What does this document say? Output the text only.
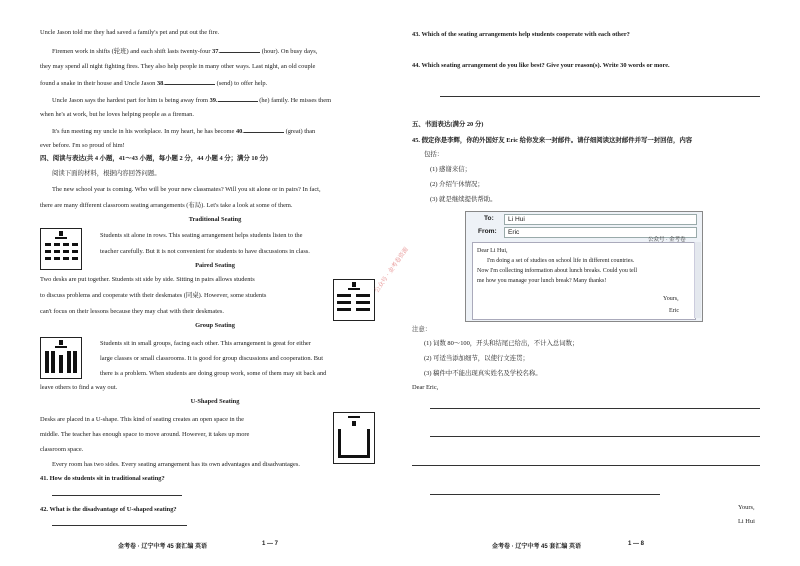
Uncle Jason told me they had saved a family's pet and put out the fire.
Firemen work in shifts (轮班) and each shift lasts twenty-four 37.	(hour). On busy days,
they may spend all night fighting fires. They also help people in many other ways. Last night, an old couple
found a snake in their house and Uncle Jason 38.	(send) to offer help.
Uncle Jason says the hardest part for him is being away from 39.	(he) family. He misses them
when he's at work, but he loves helping people as a fireman.
It's fun meeting my uncle in his workplace. In my heart, he has become 40.	(great) than
ever before. I'm so proud of him!
四、阅读与表达(共 4 小题，41～43 小题，每小题 2 分，44 小题 4 分；满分 10 分)
阅读下面的材料，根据内容回答问题。
The new school year is coming. Who will be your new classmates? Will you sit alone or in pairs? In fact,
there are many different classroom seating arrangements (布局). Let's take a look at some of them.
Traditional Seating
Students sit alone in rows. This seating arrangement helps students listen to the
teacher carefully. But it is not convenient for students to have discussions in class.
Paired Seating
Two desks are put together. Students sit side by side. Sitting in pairs allows students
to discuss problems and cooperate with their deskmates (同桌). However, some students
can't focus on their lessons because they may chat with their deskmates.
Group Seating
Students sit in small groups, facing each other. This arrangement is great for either
large classes or small classrooms. It is good for group discussions and cooperation. But
there is a problem. When students are doing group work, some of them may sit back and
leave others to find a way out.
U-Shaped Seating
Desks are placed in a U-shape. This kind of seating creates an open space in the
middle. The teacher has enough space to move around. However, it takes up more
classroom space.
Every room has two sides. Every seating arrangement has its own advantages and disadvantages.
41. How do students sit in traditional seating?
42. What is the disadvantage of U-shaped seating?
金考卷 · 辽宁中考 45 套汇编 英语	1 — 7
43. Which of the seating arrangements help students cooperate with each other?
44. Which seating arrangement do you like best? Give your reason(s). Write 30 words or more.
五、书面表达(满分 20 分)
45. 假定你是李辉，你的外国好友 Eric 给你发来一封邮件。请仔细阅读这封邮件并写一封回信，内容
包括：
(1) 感谢来信；
(2) 介绍午休情况；
(3) 就是继续提供帮助。
To:	Li Hui
From:	Eric
Dear Li Hui,
I'm doing a set of studies on school life in different countries.
Now I'm collecting information about lunch breaks. Could you tell
me how you manage your lunch break? Many thanks!
Yours,
Eric
公众号 · 金考卷
注意：
(1) 词数 80～100，开头和结尾已给出，不计入总词数；
(2) 可适当添加细节，以使行文连贯；
(3) 稿件中不能出现真实姓名及学校名称。
Dear Eric,
Yours,
Li Hui
金考卷 · 辽宁中考 45 套汇编 英语	1 — 8
公众号 · 金考卷资源
